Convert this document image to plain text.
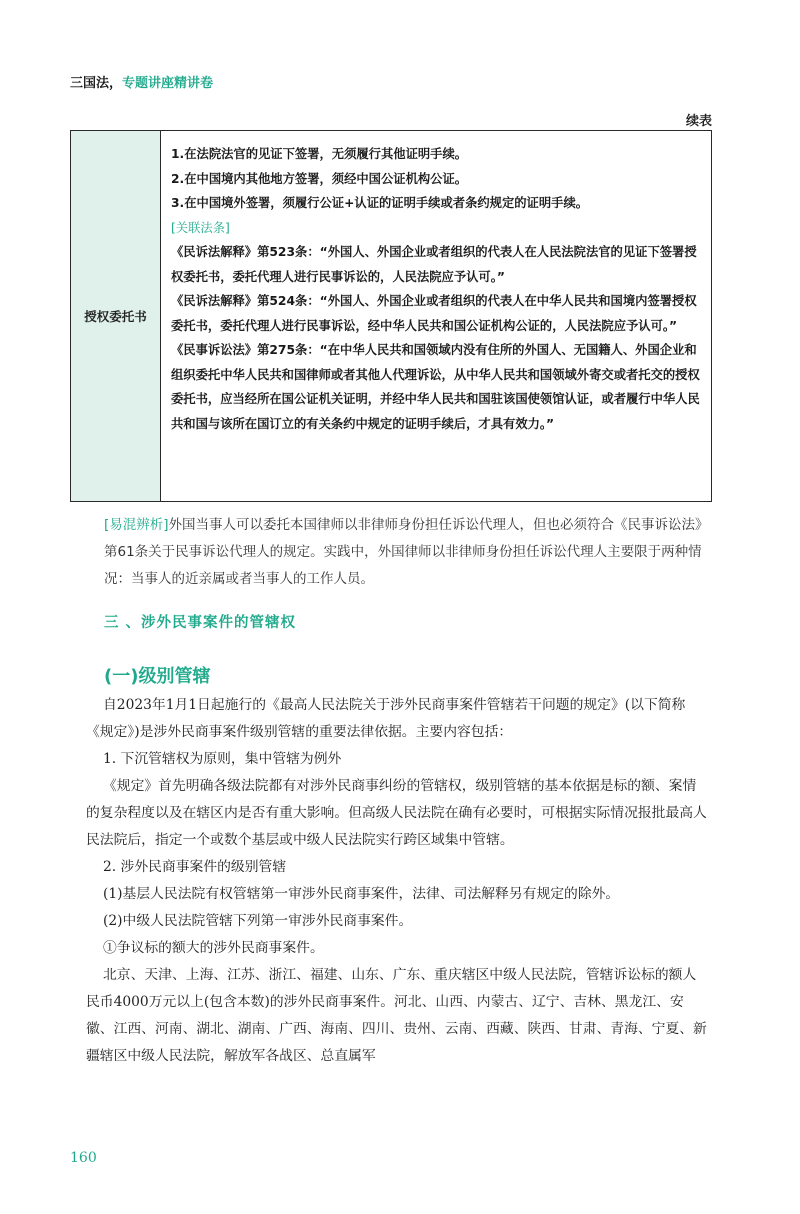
三国法，专题讲座精讲卷
续表
授权委托书
1.在法院法官的见证下签署，无须履行其他证明手续。
2.在中国境内其他地方签署，须经中国公证机构公证。
3.在中国境外签署，须履行公证+认证的证明手续或者条约规定的证明手续。
[关联法条]
《民诉法解释》第523条：“外国人、外国企业或者组织的代表人在人民法院法官的见证下签署授权委托书，委托代理人进行民事诉讼的，人民法院应予认可。”
《民诉法解释》第524条：“外国人、外国企业或者组织的代表人在中华人民共和国境内签署授权委托书，委托代理人进行民事诉讼，经中华人民共和国公证机构公证的，人民法院应予认可。”
《民事诉讼法》第275条：“在中华人民共和国领域内没有住所的外国人、无国籍人、外国企业和组织委托中华人民共和国律师或者其他人代理诉讼，从中华人民共和国领域外寄交或者托交的授权委托书，应当经所在国公证机关证明，并经中华人民共和国驻该国使领馆认证，或者履行中华人民共和国与该所在国订立的有关条约中规定的证明手续后，才具有效力。”
[易混辨析]外国当事人可以委托本国律师以非律师身份担任诉讼代理人，但也必须符合《民事诉讼法》第61条关于民事诉讼代理人的规定。实践中，外国律师以非律师身份担任诉讼代理人主要限于两种情况：当事人的近亲属或者当事人的工作人员。
三 、涉外民事案件的管辖权
(一)级别管辖

自2023年1月1日起施行的《最高人民法院关于涉外民商事案件管辖若干问题的规定》(以下简称《规定》)是涉外民商事案件级别管辖的重要法律依据。主要内容包括：

1. 下沉管辖权为原则，集中管辖为例外

《规定》首先明确各级法院都有对涉外民商事纠纷的管辖权，级别管辖的基本依据是标的额、案情的复杂程度以及在辖区内是否有重大影响。但高级人民法院在确有必要时，可根据实际情况报批最高人民法院后，指定一个或数个基层或中级人民法院实行跨区域集中管辖。

2. 涉外民商事案件的级别管辖

(1)基层人民法院有权管辖第一审涉外民商事案件，法律、司法解释另有规定的除外。

(2)中级人民法院管辖下列第一审涉外民商事案件。

①争议标的额大的涉外民商事案件。

北京、天津、上海、江苏、浙江、福建、山东、广东、重庆辖区中级人民法院，管辖诉讼标的额人民币4000万元以上(包含本数)的涉外民商事案件。河北、山西、内蒙古、辽宁、吉林、黑龙江、安徽、江西、河南、湖北、湖南、广西、海南、四川、贵州、云南、西藏、陕西、甘肃、青海、宁夏、新疆辖区中级人民法院，解放军各战区、总直属军

160
